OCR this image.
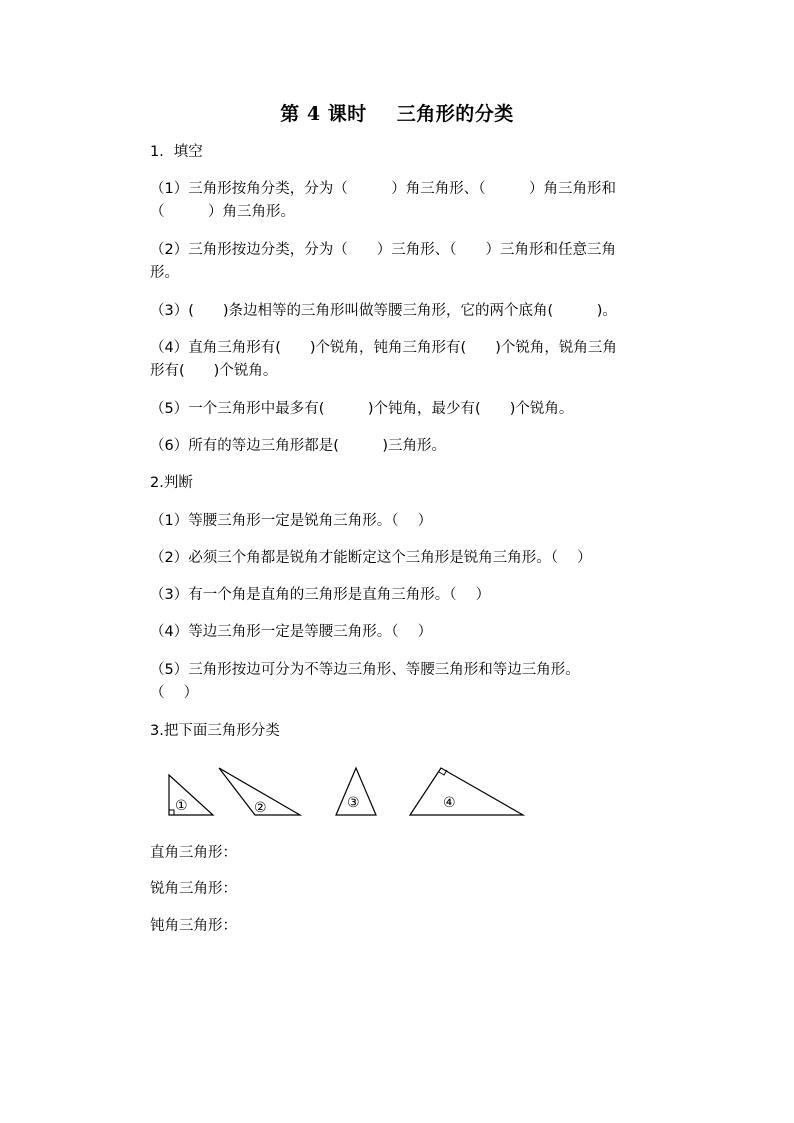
第 4 课时 三角形的分类
1．填空
（1）三角形按角分类，分为（　　　）角三角形、（　　　）角三角形和
（　　　）角三角形。
（2）三角形按边分类，分为（　　）三角形、（　　）三角形和任意三角
形。
（3）(　　)条边相等的三角形叫做等腰三角形，它的两个底角(　　　)。
（4）直角三角形有(　　)个锐角，钝角三角形有(　　)个锐角，锐角三角
形有(　　)个锐角。
（5）一个三角形中最多有(　　　)个钝角，最少有(　　)个锐角。
（6）所有的等边三角形都是(　　　)三角形。
2.判断
（1）等腰三角形一定是锐角三角形。（　 ）
（2）必须三个角都是锐角才能断定这个三角形是锐角三角形。（　 ）
（3）有一个角是直角的三角形是直角三角形。（　 ）
（4）等边三角形一定是等腰三角形。（　 ）
（5）三角形按边可分为不等边三角形、等腰三角形和等边三角形。
（　 ）
3.把下面三角形分类
①	②	③	④
直角三角形：
锐角三角形：
钝角三角形：
